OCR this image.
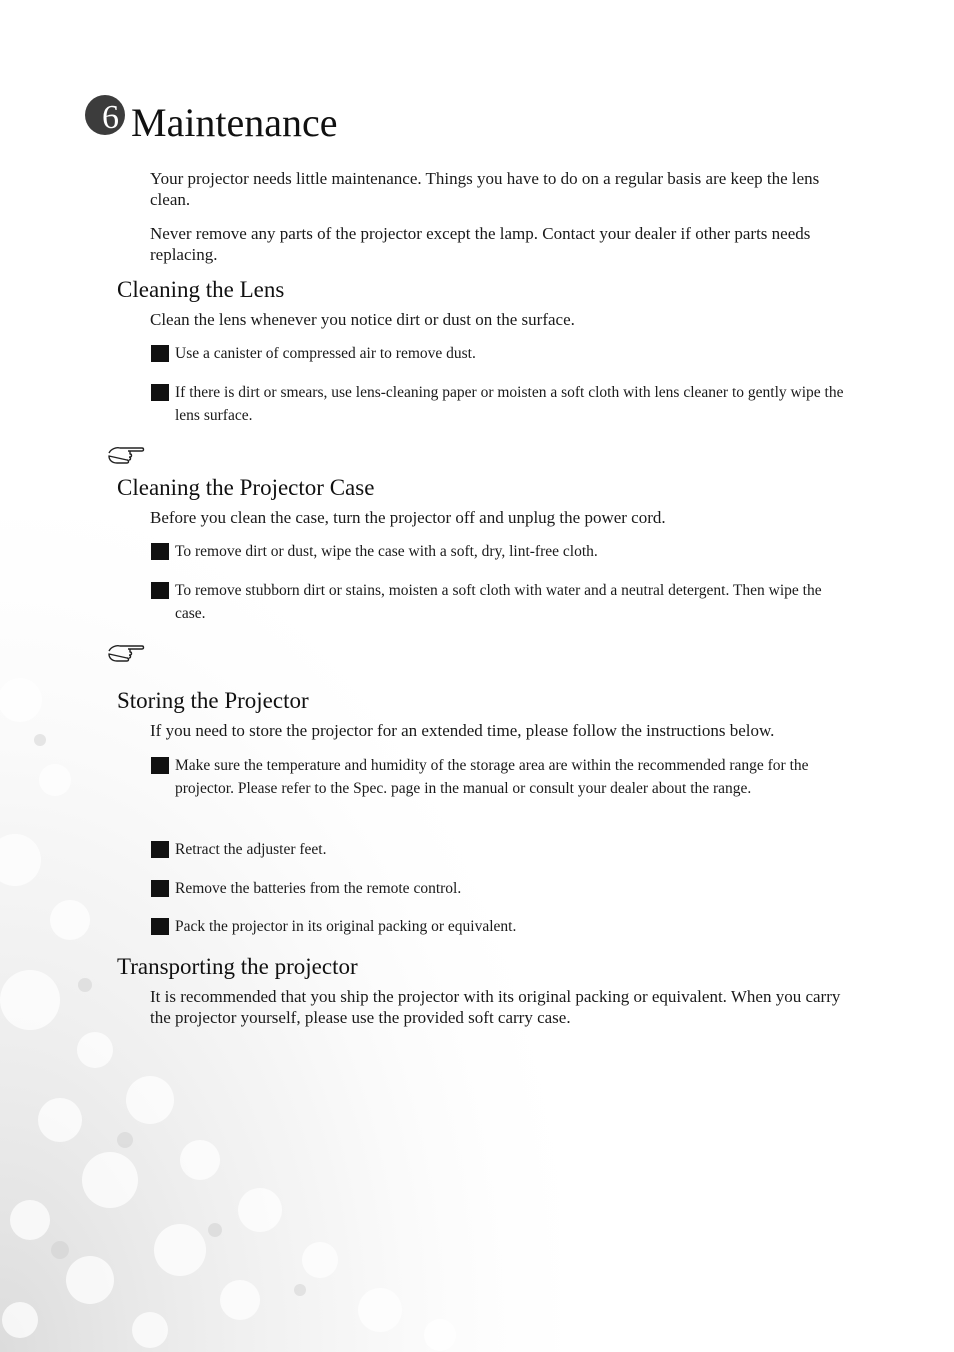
6 Maintenance
Your projector needs little maintenance. Things you have to do on a regular basis are keep the lens clean.
Never remove any parts of the projector except the lamp. Contact your dealer if other parts needs replacing.
Cleaning the Lens
Clean the lens whenever you notice dirt or dust on the surface.
Use a canister of compressed air to remove dust.
If there is dirt or smears, use lens-cleaning paper or moisten a soft cloth with lens cleaner to gently wipe the lens surface.
Cleaning the Projector Case
Before you clean the case, turn the projector off and unplug the power cord.
To remove dirt or dust, wipe the case with a soft, dry, lint-free cloth.
To remove stubborn dirt or stains, moisten a soft cloth with water and a neutral detergent. Then wipe the case.
Storing the Projector
If you need to store the projector for an extended time, please follow the instructions below.
Make sure the temperature and humidity of the storage area are within the recommended range for the projector. Please refer to the Spec. page in the manual or consult your dealer about the range.
Retract the adjuster feet.
Remove the batteries from the remote control.
Pack the projector in its original packing or equivalent.
Transporting the projector
It is recommended that you ship the projector with its original packing or equivalent. When you carry the projector yourself, please use the provided soft carry case.
